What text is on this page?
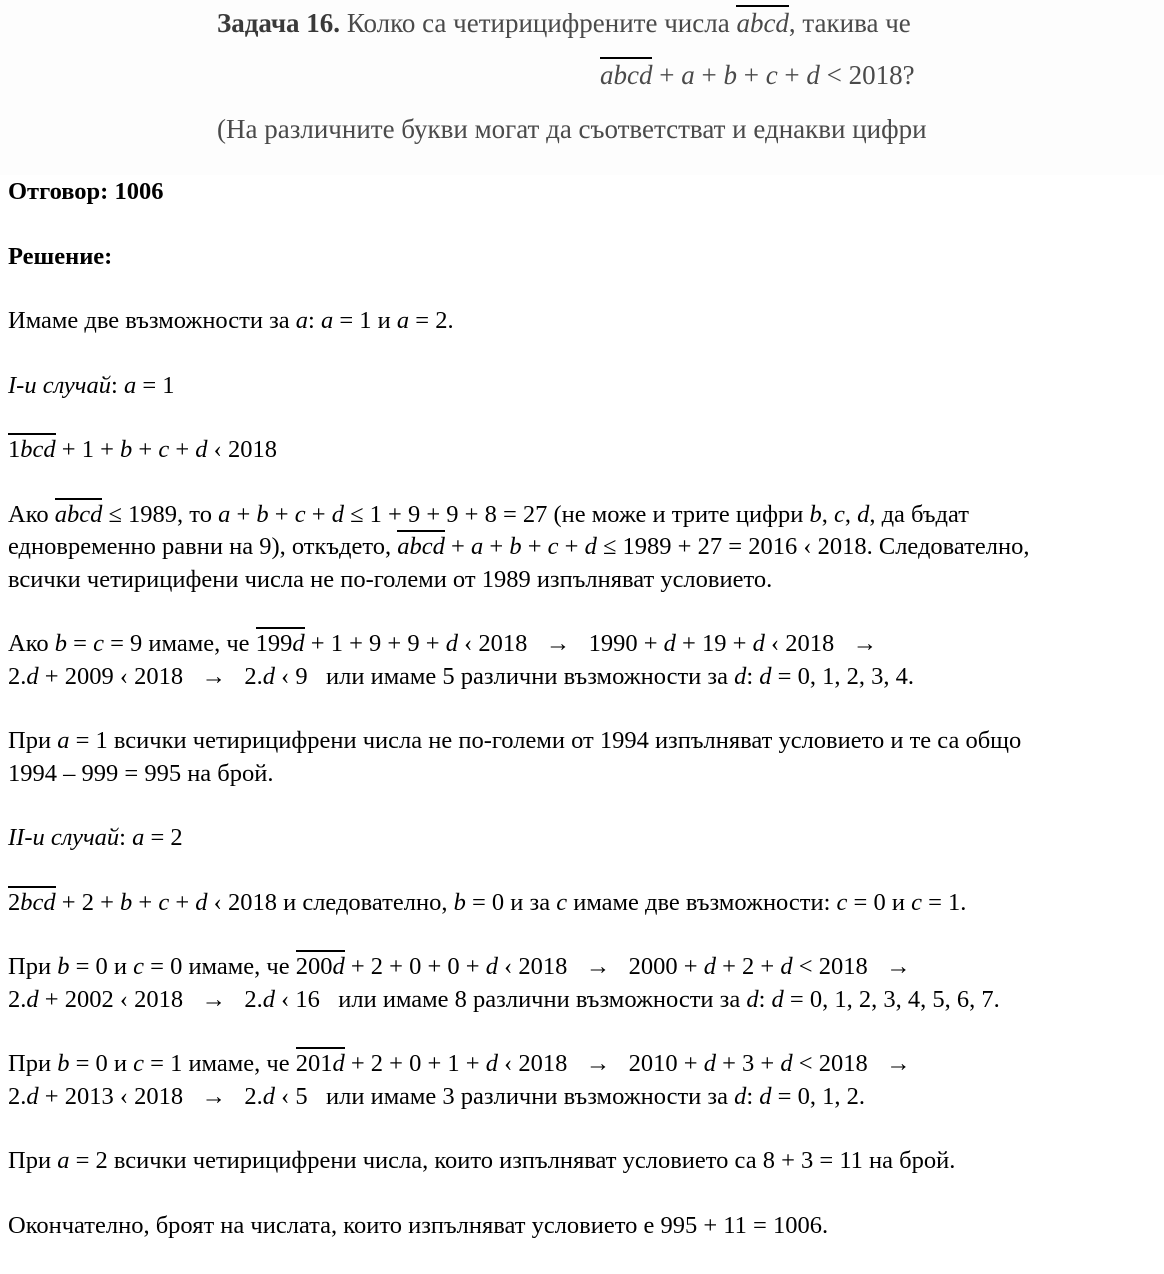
Задача 16. Колко са четирицифрените числа abcd, такива че
abcd + a + b + c + d < 2018?
(На различните букви могат да съответстват и еднакви цифри
Отговор: 1006
Решение:
Имаме две възможности за a: a = 1 и a = 2.
I-и случай: a = 1
1bcd + 1 + b + c + d ‹ 2018
Ако abcd ≤ 1989, то a + b + c + d ≤ 1 + 9 + 9 + 8 = 27 (не може и трите цифри b, c, d, да бъдат
едновременно равни на 9), откъдето, abcd + a + b + c + d ≤ 1989 + 27 = 2016 ‹ 2018. Следователно,
всички четирицифени числа не по-големи от 1989 изпълняват условието.
Ако b = c = 9 имаме, че 199d + 1 + 9 + 9 + d ‹ 2018   →   1990 + d + 19 + d ‹ 2018   →
2.d + 2009 ‹ 2018   →   2.d ‹ 9   или имаме 5 различни възможности за d: d = 0, 1, 2, 3, 4.
При a = 1 всички четирицифрени числа не по-големи от 1994 изпълняват условието и те са общо
1994 – 999 = 995 на брой.
II-и случай: a = 2
2bcd + 2 + b + c + d ‹ 2018 и следователно, b = 0 и за c имаме две възможности: c = 0 и c = 1.
При b = 0 и c = 0 имаме, че 200d + 2 + 0 + 0 + d ‹ 2018   →   2000 + d + 2 + d < 2018   →
2.d + 2002 ‹ 2018   →   2.d ‹ 16   или имаме 8 различни възможности за d: d = 0, 1, 2, 3, 4, 5, 6, 7.
При b = 0 и c = 1 имаме, че 201d + 2 + 0 + 1 + d ‹ 2018   →   2010 + d + 3 + d < 2018   →
2.d + 2013 ‹ 2018   →   2.d ‹ 5   или имаме 3 различни възможности за d: d = 0, 1, 2.
При a = 2 всички четирицифрени числа, които изпълняват условието са 8 + 3 = 11 на брой.
Окончателно, броят на числата, които изпълняват условието е 995 + 11 = 1006.
